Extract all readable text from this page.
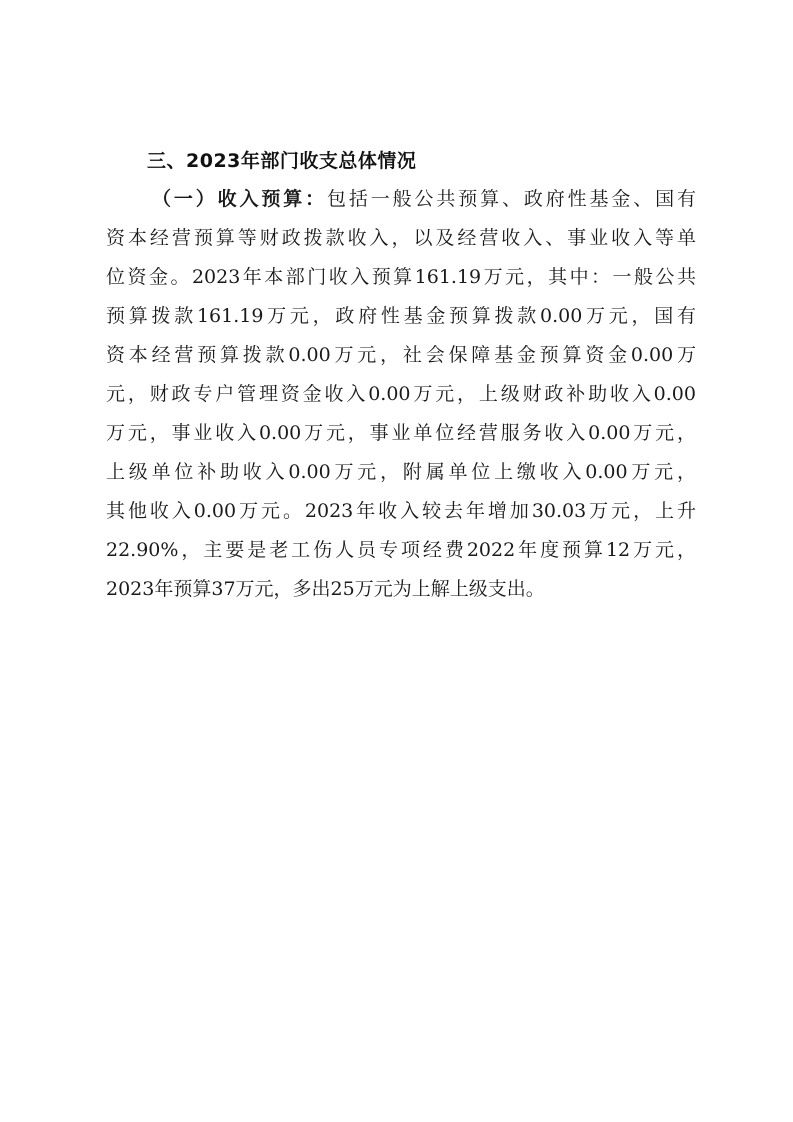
三、2023年部门收支总体情况
（一）收入预算：包括一般公共预算、政府性基金、国有
资本经营预算等财政拨款收入，以及经营收入、事业收入等单
位资金。2023年本部门收入预算161.19万元，其中：一般公共
预算拨款161.19万元，政府性基金预算拨款0.00万元，国有
资本经营预算拨款0.00万元，社会保障基金预算资金0.00万
元，财政专户管理资金收入0.00万元，上级财政补助收入0.00
万元，事业收入0.00万元，事业单位经营服务收入0.00万元，
上级单位补助收入0.00万元，附属单位上缴收入0.00万元，
其他收入0.00万元。2023年收入较去年增加30.03万元，上升
22.90%，主要是老工伤人员专项经费2022年度预算12万元，
2023年预算37万元，多出25万元为上解上级支出。
